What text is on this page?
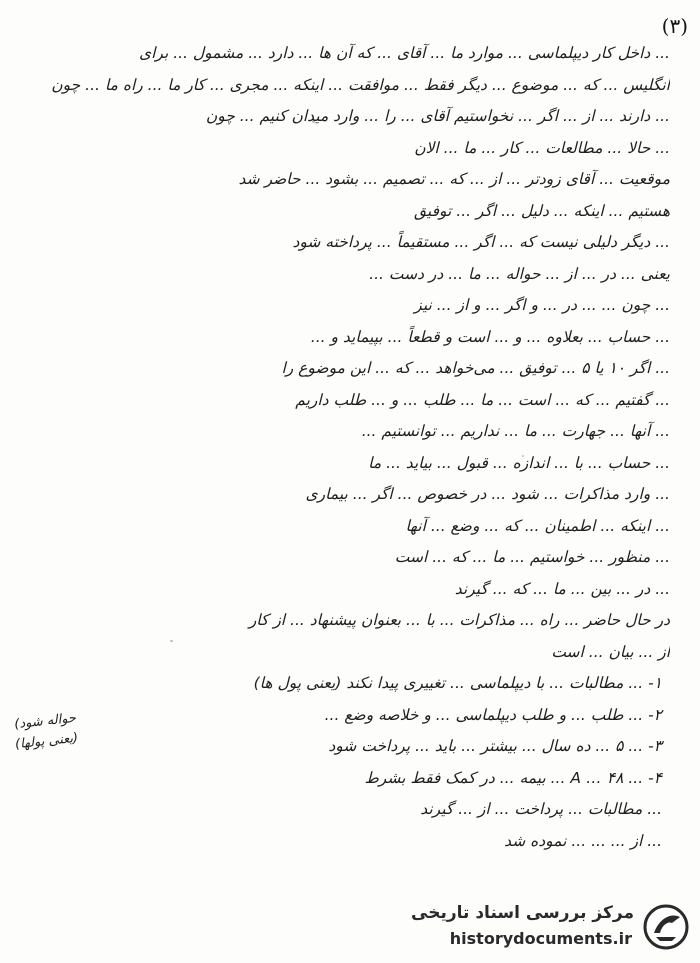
(۳)
... داخل کار دیپلماسی ... موارد ما ... آقای ... که آن ها ... دارد ... مشمول ... برای
انگلیس ... که ... موضوع ... دیگر فقط ... موافقت ... اینکه ... مجری ... کار ما ... راه ما ... چون
... دارند ... از ... اگر ... نخواستیم آقای ... را ... وارد میدان کنیم ... چون
... حالا ... مطالعات ... کار ... ما ... الان
موقعیت ... آقای زودتر ... از ... که ... تصمیم ... بشود ... حاضر شد
هستیم ... اینکه ... دلیل ... اگر ... توفیق
... دیگر دلیلی نیست که ... اگر ... مستقیماً ... پرداخته شود
یعنی ... در ... از ... حواله ... ما ... در دست ...
... چون ... ... در ... و اگر ... و از ... نیز
... حساب ... بعلاوه ... و ... است و قطعاً ... بپیماید و ...
... اگر ۱۰ یا ۵ ... توفیق ... می‌خواهد ... که ... این موضوع را
... گفتیم ... که ... است ... ما ... طلب ... و ... طلب داریم
... آنها ... جهارت ... ما ... نداریم ... توانستیم ...
... حساب ... با ... اندازه ... قبول ... بیاید ... ما
... وارد مذاکرات ... شود ... در خصوص ... اگر ... بیماری
... اینکه ... اطمینان ... که ... وضع ... آنها
... منظور ... خواستیم ... ما ... که ... است
... در ... بین ... ما ... که ... گیرند
در حال حاضر ... راه ... مذاکرات ... با ... بعنوان پیشنهاد ... از کار
از ... بیان ... است
۱- ... مطالبات ... با دیپلماسی ... تغییری پیدا نکند (یعنی پول ها)
۲- ... طلب ... و طلب دیپلماسی ... و خلاصه وضع ...
۳- ... ۵ ... ده سال ... بیشتر ... باید ... پرداخت شود
۴- ... A ... ۴۸ ... بیمه ... در کمک فقط بشرط
... مطالبات ... پرداخت ... از ... گیرند
... از ... ... ... نموده شد
حواله شود)
(یعنی پولها)
مرکز بررسی اسناد تاریخی
historydocuments.ir
